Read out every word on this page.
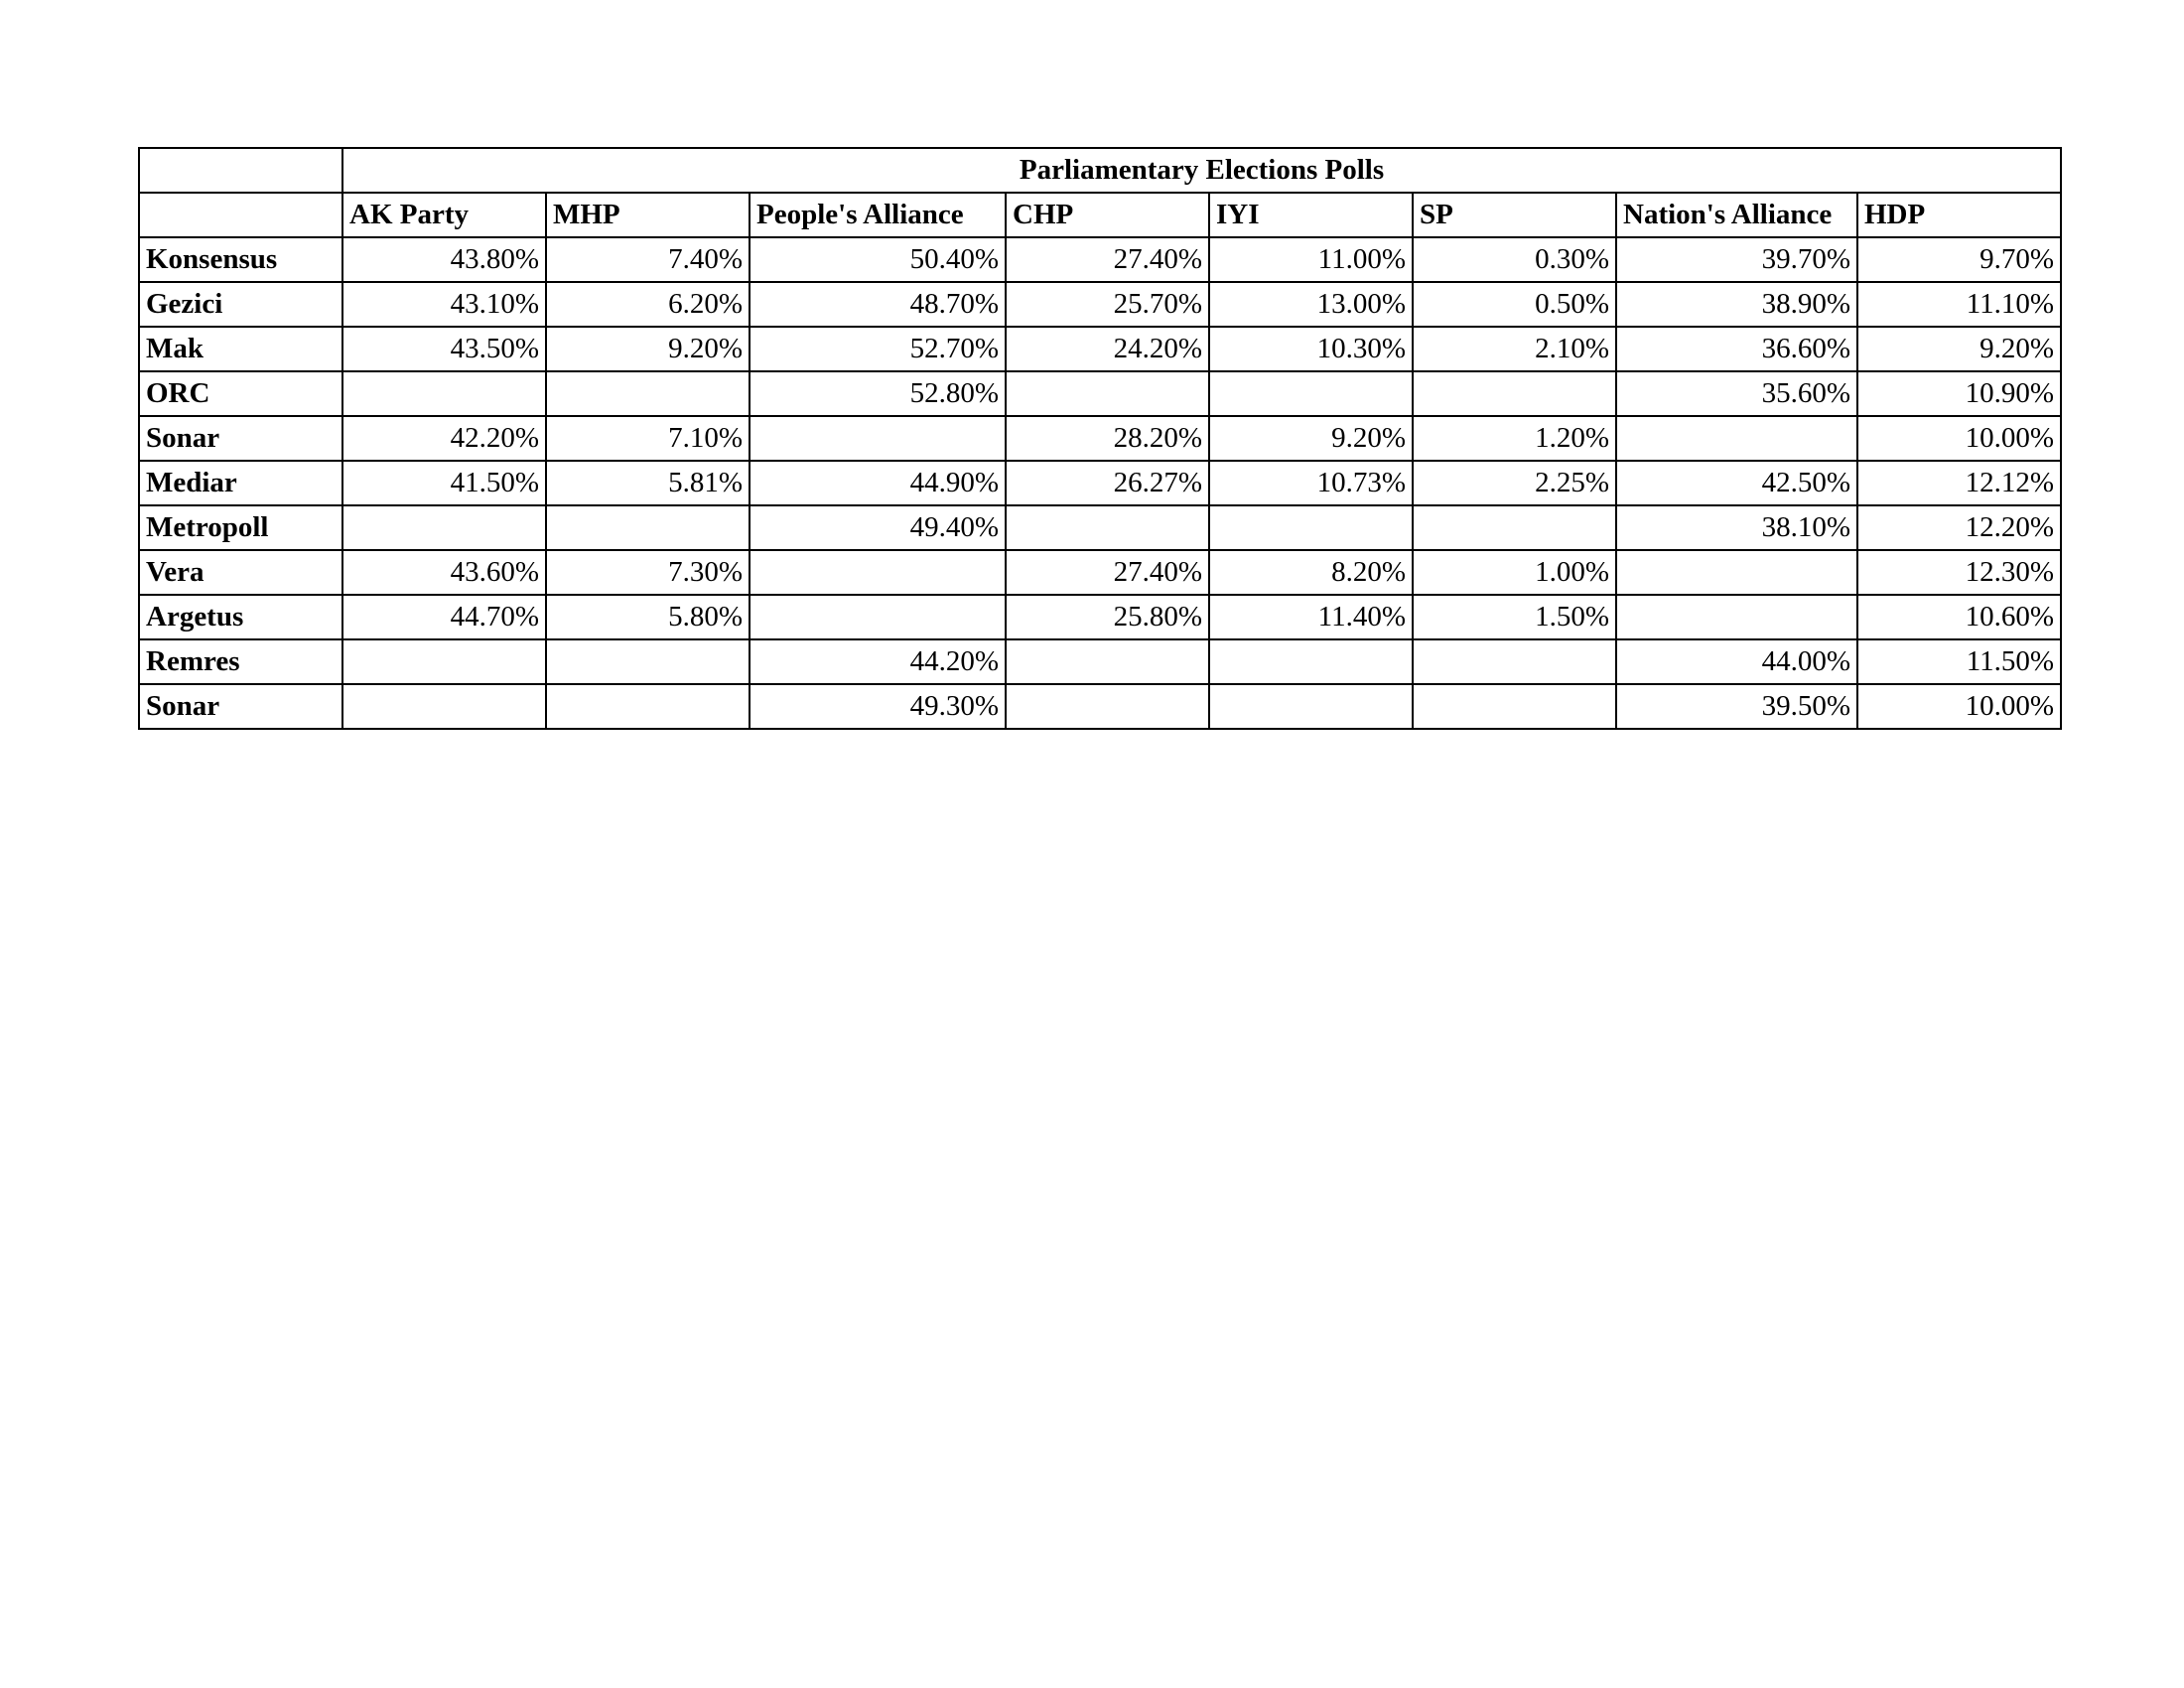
	Parliamentary Elections Polls							
	AK Party	MHP	People's Alliance	CHP	IYI	SP	Nation's Alliance	HDP
Konsensus	43.80%	7.40%	50.40%	27.40%	11.00%	0.30%	39.70%	9.70%
Gezici	43.10%	6.20%	48.70%	25.70%	13.00%	0.50%	38.90%	11.10%
Mak	43.50%	9.20%	52.70%	24.20%	10.30%	2.10%	36.60%	9.20%
ORC			52.80%				35.60%	10.90%
Sonar	42.20%	7.10%		28.20%	9.20%	1.20%		10.00%
Mediar	41.50%	5.81%	44.90%	26.27%	10.73%	2.25%	42.50%	12.12%
Metropoll			49.40%				38.10%	12.20%
Vera	43.60%	7.30%		27.40%	8.20%	1.00%		12.30%
Argetus	44.70%	5.80%		25.80%	11.40%	1.50%		10.60%
Remres			44.20%				44.00%	11.50%
Sonar			49.30%				39.50%	10.00%
